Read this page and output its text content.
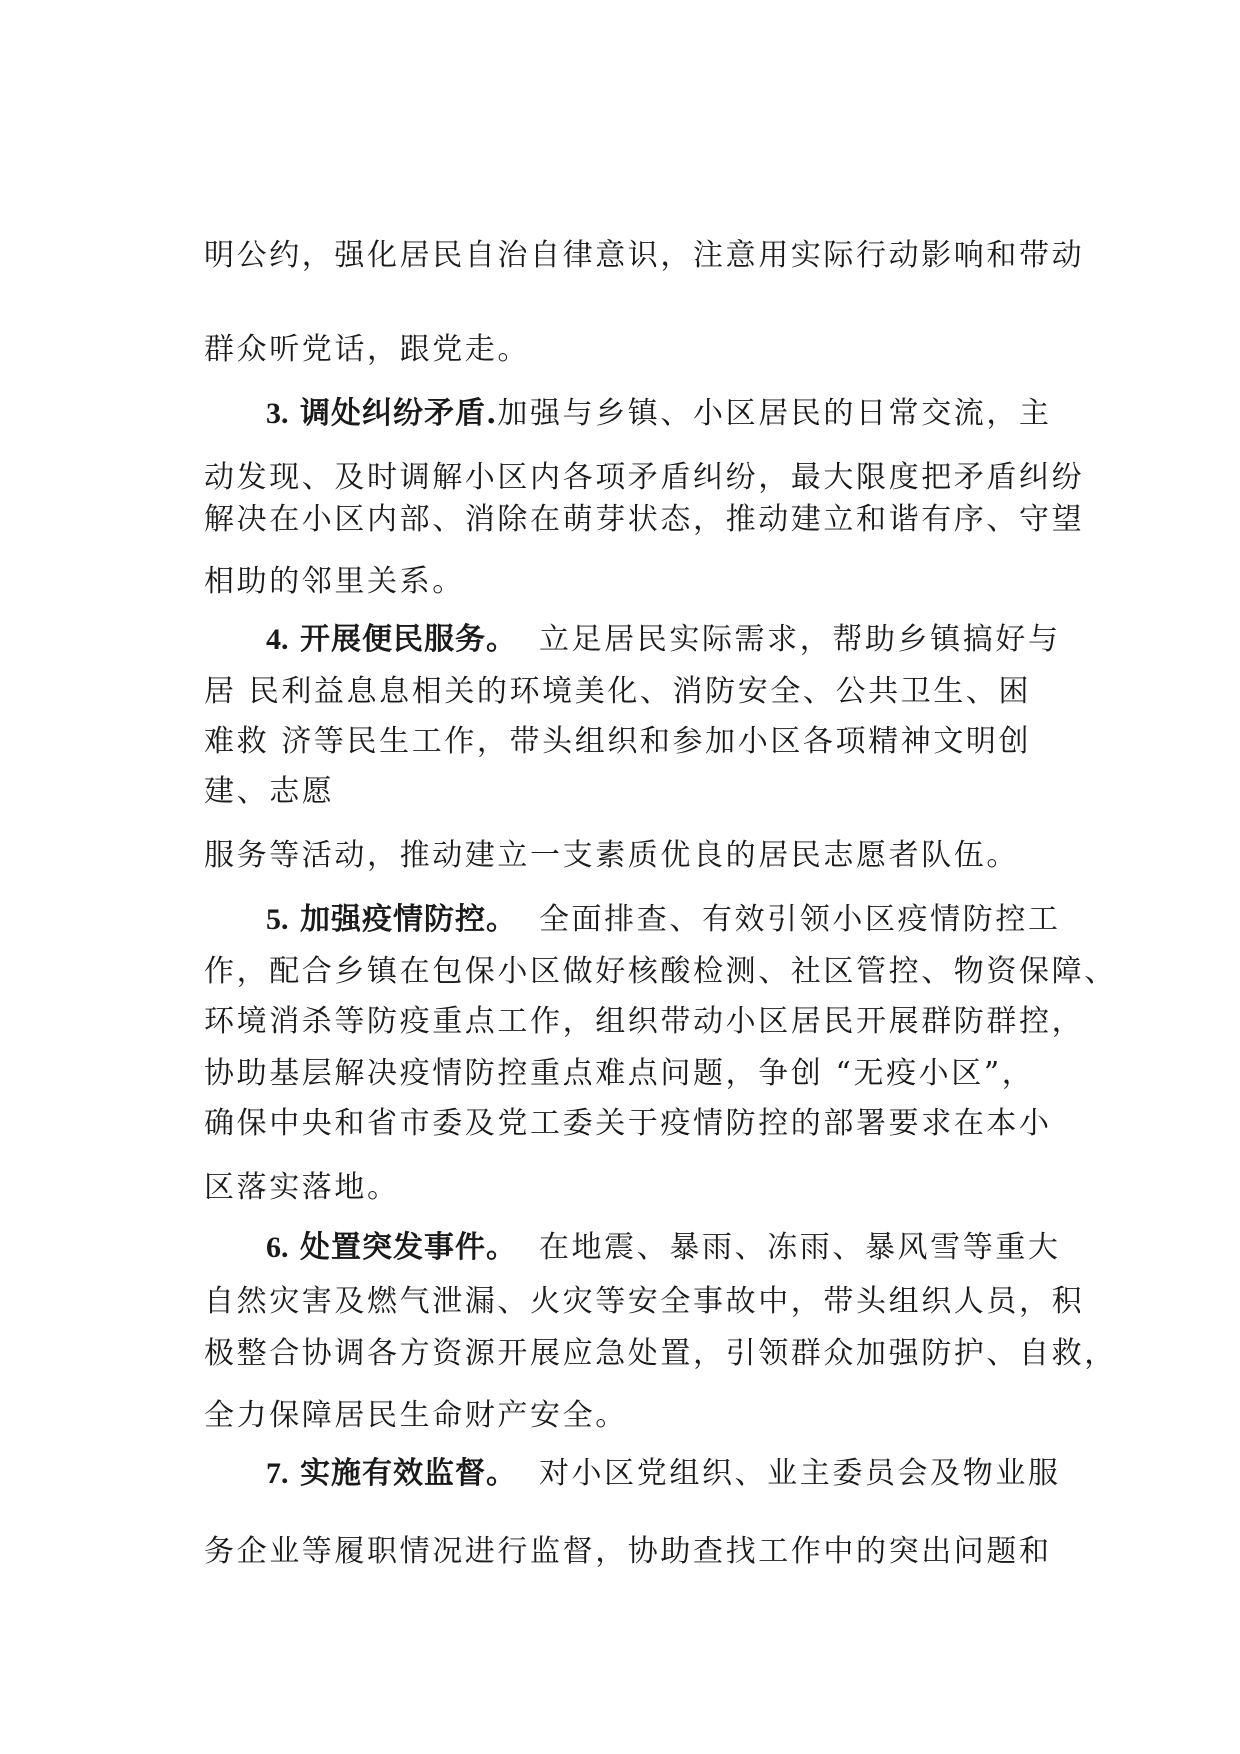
明公约，强化居民自治自律意识，注意用实际行动影响和带动
群众听党话，跟党走。
3. 调处纠纷矛盾.加强与乡镇、小区居民的日常交流，主
动发现、及时调解小区内各项矛盾纠纷，最大限度把矛盾纠纷
解决在小区内部、消除在萌芽状态，推动建立和谐有序、守望
相助的邻里关系。
4. 开展便民服务。 立足居民实际需求，帮助乡镇搞好与
居 民利益息息相关的环境美化、消防安全、公共卫生、困
难救 济等民生工作，带头组织和参加小区各项精神文明创
建、志愿
服务等活动，推动建立一支素质优良的居民志愿者队伍。
5. 加强疫情防控。 全面排查、有效引领小区疫情防控工
作，配合乡镇在包保小区做好核酸检测、社区管控、物资保障、
环境消杀等防疫重点工作，组织带动小区居民开展群防群控，
协助基层解决疫情防控重点难点问题，争创 “无疫小区”，
确保中央和省市委及党工委关于疫情防控的部署要求在本小
区落实落地。
6. 处置突发事件。 在地震、暴雨、冻雨、暴风雪等重大
自然灾害及燃气泄漏、火灾等安全事故中，带头组织人员，积
极整合协调各方资源开展应急处置，引领群众加强防护、自救，
全力保障居民生命财产安全。
7. 实施有效监督。 对小区党组织、业主委员会及物业服
务企业等履职情况进行监督，协助查找工作中的突出问题和
